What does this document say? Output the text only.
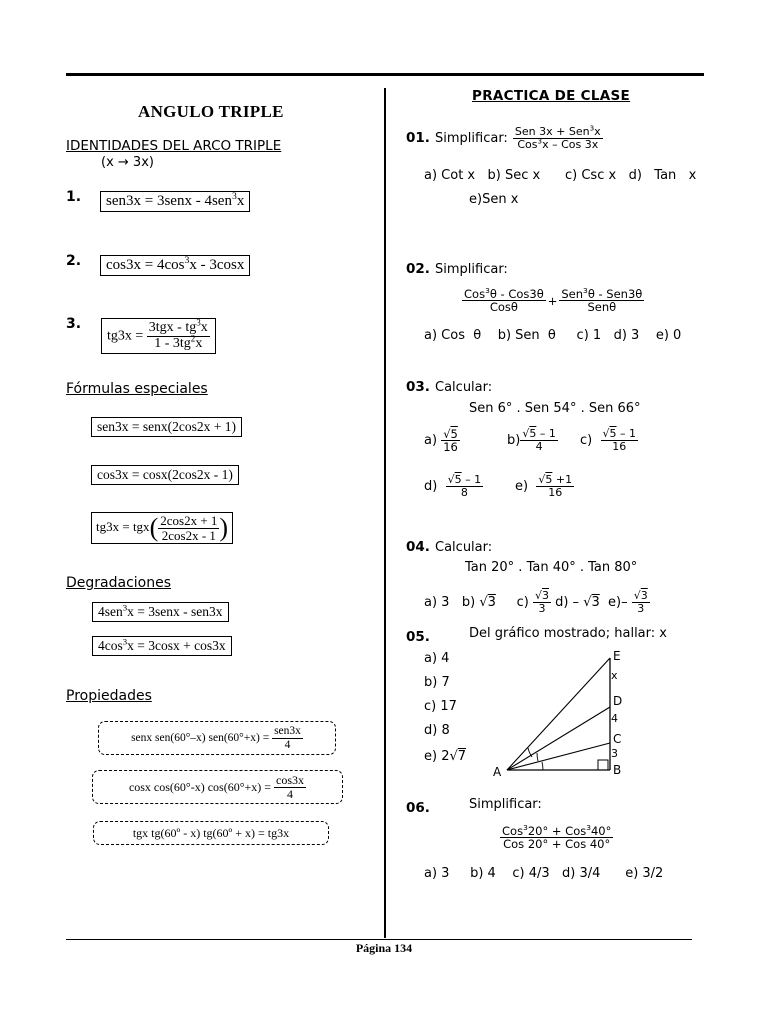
Página 134
ANGULO TRIPLE
IDENTIDADES DEL ARCO TRIPLE
(x → 3x)
1.	sen3x = 3senx - 4sen$^3$x
2.	$\cos 3x = 4\cos^3x - 3\cos x$
3.
$tg3x = \frac{3tgx - tg^3x}{1 - 3tg^2x}$
Fórmulas especiales
sen3x = senx(2cos2x + 1)
cos3x = cosx(2cos2x - 1)
$tg3x = tgx( \frac{2\cos 2x + 1}{2\cos 2x - 1}$ )
Degradaciones
4sen$^3$x = 3senx - sen3x
$4\cos^3x = 3\cos x + \cos 3x$
Propiedades
senx sen(60°–x) sen(60°+x) =
$\frac{\text{sen3x}}{4}$
cosx cos(60°-x) cos(60°+x) =
$\frac{\cos 3x}{4}$
tgx tg(60º - x) tg(60º + x) = tg3x
PRACTICA DE CLASE
01.
Simplificar:
$\frac{Sen 3x + Sen^3x}{Cos^3x - Cos 3x}$
a) Cot x   b) Sec x      c) Csc x   d)   Tan   x
e)Sen x
02. Simplificar:
$\frac{Cos^3\theta - Cos3\theta}{\text{Cosθ}} + \frac{Sen^3\theta - Sen3\theta}{\text{Senθ}}$
a) Cos  θ    b) Sen  θ     c) 1   d) 3    e) 0
03. Calcular:
Sen 6° . Sen 54° . Sen 66°
a)
$\frac{√5}{16}$	$b) \frac{√5 - 1}{4} c$)
$\frac{√5 - 1}{16}$
d)
$\frac{√5 - 1}{8} e$)
$\frac{√5 +1}{16}$
04. Calcular:
Tan 20° . Tan 40° . Tan 80°
a) 3
b) √ 3
c)
$\frac{√3}{3}$
d) – √ 3
e)–
$\frac{√3}{3}$
05.	Del gráfico mostrado; hallar: x
a) 4
b) 7
c) 17
d) 8
e) 2√7
E
D
C
B
A
x
4
3
06.	Simplificar:
$\frac{Cos^320^\circ + Cos^340^\circ}{\text{Cos 20° + Cos 40°}}$
a) 3     b) 4    c) 4/3   d) 3/4      e) 3/2
